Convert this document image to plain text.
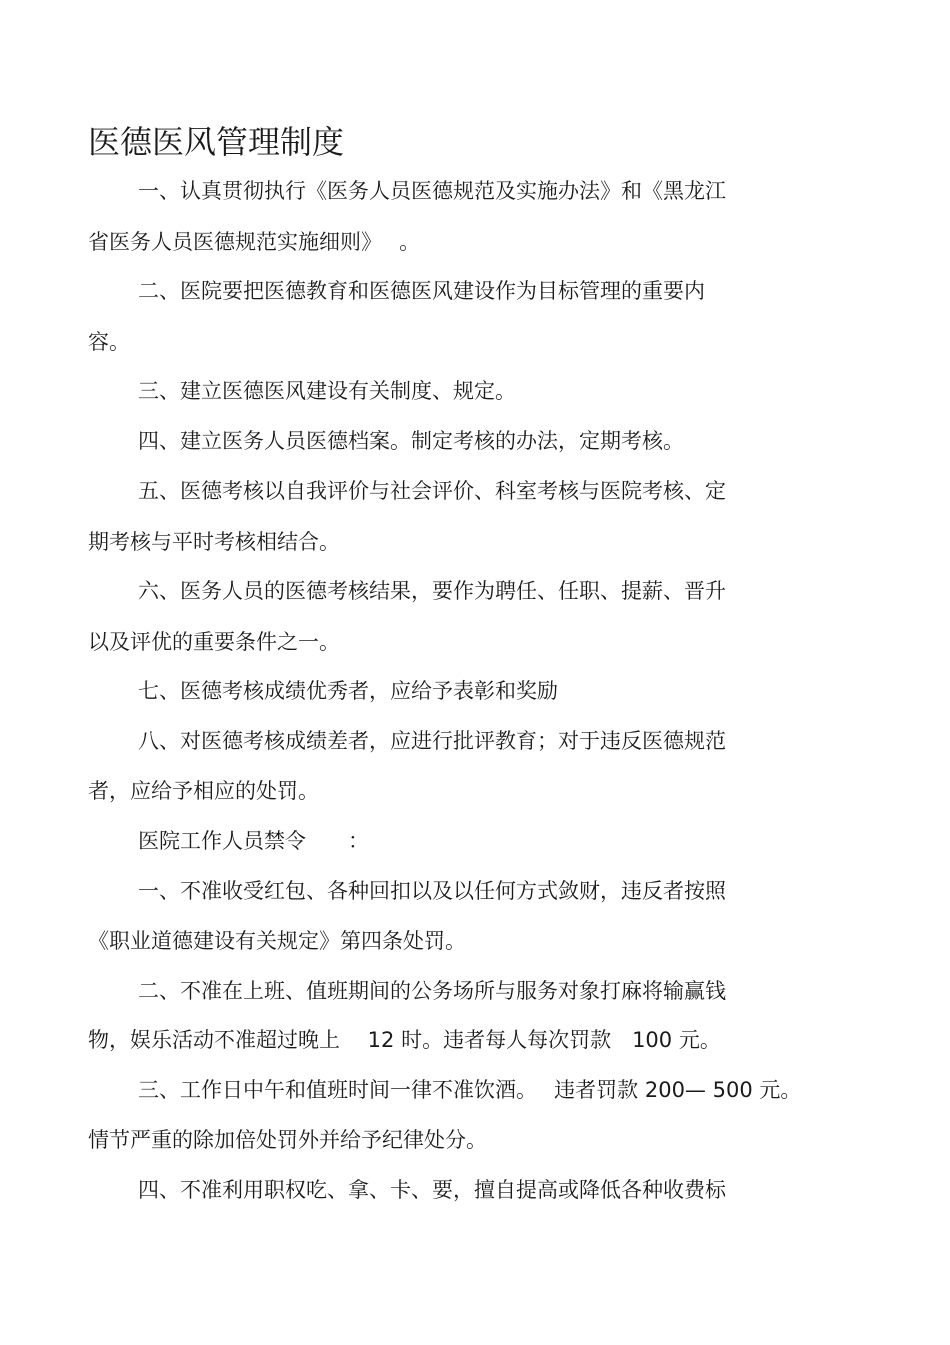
医德医风管理制度
一、认真贯彻执行《医务人员医德规范及实施办法》和《黑龙江
省医务人员医德规范实施细则》　 。
二、医院要把医德教育和医德医风建设作为目标管理的重要内
容。
三、建立医德医风建设有关制度、规定。
四、建立医务人员医德档案。制定考核的办法，定期考核。
五、医德考核以自我评价与社会评价、科室考核与医院考核、定
期考核与平时考核相结合。
六、医务人员的医德考核结果，要作为聘任、任职、提薪、晋升
以及评优的重要条件之一。
七、医德考核成绩优秀者，应给予表彰和奖励
八、对医德考核成绩差者，应进行批评教育；对于违反医德规范
者，应给予相应的处罚。
医院工作人员禁令　　：
一、不准收受红包、各种回扣以及以任何方式敛财，违反者按照
《职业道德建设有关规定》第四条处罚。
二、不准在上班、值班期间的公务场所与服务对象打麻将输赢钱
物，娱乐活动不准超过晚上　 12 时。违者每人每次罚款　100 元。
三、工作日中午和值班时间一律不准饮酒。　 违者罚款 200— 500 元。
情节严重的除加倍处罚外并给予纪律处分。
四、不准利用职权吃、拿、卡、要，擅自提高或降低各种收费标
